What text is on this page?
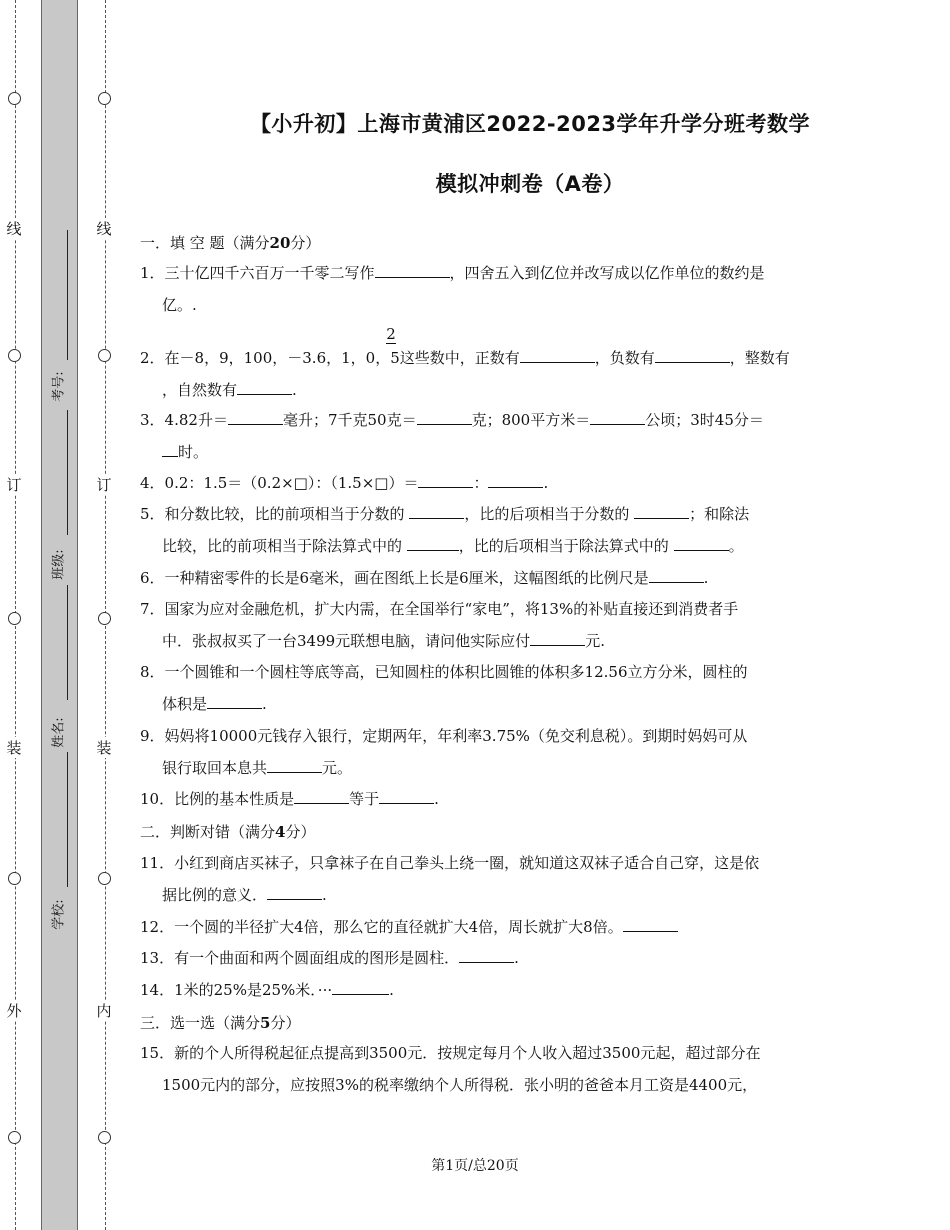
线
订
装
外
线
订
装
内
考号:
班级:
姓名:
学校:
【小升初】上海市黄浦区2022-2023学年升学分班考数学
模拟冲刺卷（A卷）
一．填 空 题（满分20分）
1．三十亿四千六百万一千零二写作	，四舍五入到亿位并改写成以亿作单位的数约是
亿。.
2
2．在－8，9，100，－3.6，1，0，5这些数中，正数有	，负数有	，整数有
，自然数有	.
3．4.82升＝	毫升；7千克50克＝	克；800平方米＝	公顷；3时45分＝
时。
4．0.2：1.5＝（0.2×□）：（1.5×□）＝	：	.
5．和分数比较，比的前项相当于分数的	，比的后项相当于分数的	；和除法
比较，比的前项相当于除法算式中的	，比的后项相当于除法算式中的	。
6．一种精密零件的长是6毫米，画在图纸上长是6厘米，这幅图纸的比例尺是	.
7．国家为应对金融危机，扩大内需，在全国举行“家电”，将13%的补贴直接还到消费者手
中．张叔叔买了一台3499元联想电脑，请问他实际应付	元.
8．一个圆锥和一个圆柱等底等高，已知圆柱的体积比圆锥的体积多12.56立方分米，圆柱的
体积是	.
9．妈妈将10000元钱存入银行，定期两年，年利率3.75%（免交利息税）。到期时妈妈可从
银行取回本息共	元。
10．比例的基本性质是	等于	.
二．判断对错（满分4分）
11．小红到商店买袜子，只拿袜子在自己拳头上绕一圈，就知道这双袜子适合自己穿，这是依
据比例的意义．	.
12．一个圆的半径扩大4倍，那么它的直径就扩大4倍，周长就扩大8倍。
13．有一个曲面和两个圆面组成的图形是圆柱．	.
14．1米的25%是25%米．···	.
三．选一选（满分5分）
15．新的个人所得税起征点提高到3500元．按规定每月个人收入超过3500元起，超过部分在
1500元内的部分，应按照3%的税率缴纳个人所得税．张小明的爸爸本月工资是4400元，
第1页/总20页
